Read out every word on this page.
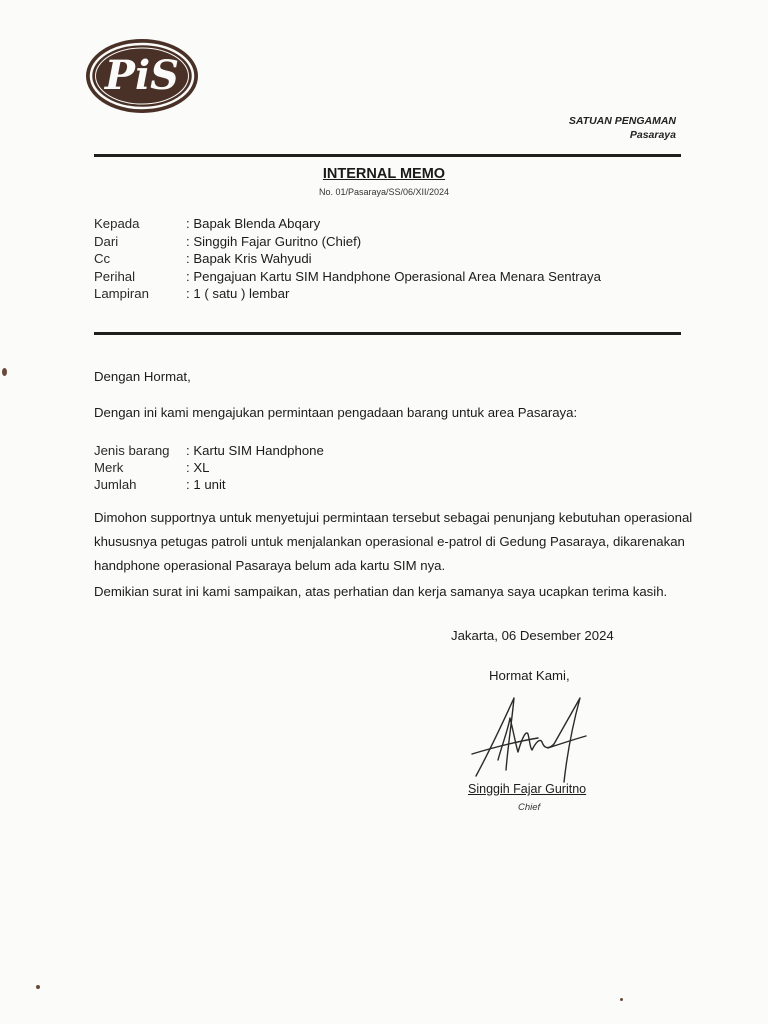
PiS
SATUAN PENGAMAN
Pasaraya
INTERNAL MEMO
No. 01/Pasaraya/SS/06/XII/2024
Kepada	: Bapak Blenda Abqary
Dari	: Singgih Fajar Guritno (Chief)
Cc	: Bapak Kris Wahyudi
Perihal	: Pengajuan Kartu SIM Handphone Operasional Area Menara Sentraya
Lampiran	: 1 ( satu ) lembar
Dengan Hormat,
Dengan ini kami mengajukan permintaan pengadaan barang untuk area Pasaraya:
Jenis barang	: Kartu SIM Handphone
Merk	: XL
Jumlah	: 1 unit
Dimohon supportnya untuk menyetujui permintaan tersebut sebagai penunjang kebutuhan operasional
khususnya petugas patroli untuk menjalankan operasional e-patrol di Gedung Pasaraya, dikarenakan
handphone operasional Pasaraya belum ada kartu SIM nya.
Demikian surat ini kami sampaikan, atas perhatian dan kerja samanya saya ucapkan terima kasih.
Jakarta, 06 Desember 2024
Hormat Kami,
Singgih Fajar Guritno
Chief
